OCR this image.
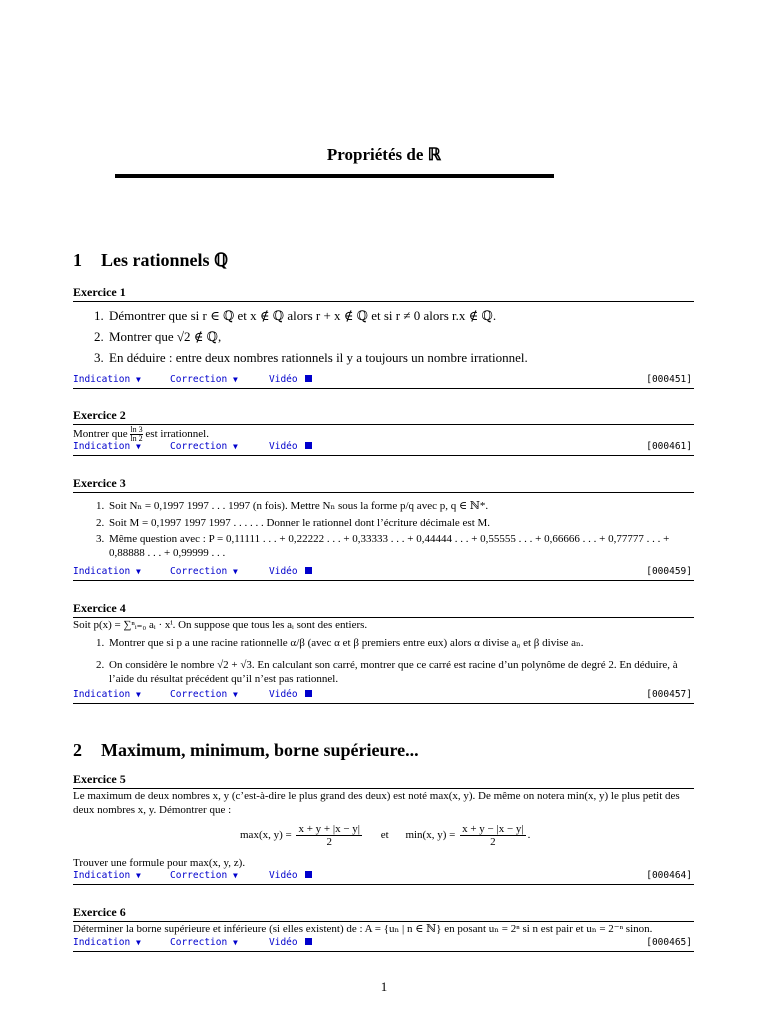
Propriétés de ℝ
1 Les rationnels ℚ
Exercice 1
1. Démontrer que si r ∈ ℚ et x ∉ ℚ alors r + x ∉ ℚ et si r ≠ 0 alors r.x ∉ ℚ.
2. Montrer que √2 ∉ ℚ,
3. En déduire : entre deux nombres rationnels il y a toujours un nombre irrationnel.
Indication ▼	Correction ▼	Vidéo	[000451]
Exercice 2
Montrer que $\frac{\ln 3}{\ln 2}$ est irrationnel.
Indication ▼	Correction ▼	Vidéo	[000461]
Exercice 3
1. Soit Nₙ = 0,1997 1997 . . . 1997 (n fois). Mettre Nₙ sous la forme p/q avec p, q ∈ ℕ*.
2. Soit M = 0,1997 1997 1997 . . . . . . Donner le rationnel dont l’écriture décimale est M.
3. Même question avec : P = 0,11111 . . . + 0,22222 . . . + 0,33333 . . . + 0,44444 . . . + 0,55555 . . . + 0,66666 . . . + 0,77777 . . . + 0,88888 . . . + 0,99999 . . .
Indication ▼	Correction ▼	Vidéo	[000459]
Exercice 4
Soit p(x) = ∑ⁿᵢ₌₀ aᵢ · xⁱ. On suppose que tous les aᵢ sont des entiers.
1. Montrer que si p a une racine rationnelle α/β (avec α et β premiers entre eux) alors α divise a₀ et β divise aₙ.
2. On considère le nombre √2 + √3. En calculant son carré, montrer que ce carré est racine d’un polynôme de degré 2. En déduire, à l’aide du résultat précédent qu’il n’est pas rationnel.
Indication ▼	Correction ▼	Vidéo	[000457]
2 Maximum, minimum, borne supérieure...
Exercice 5
Le maximum de deux nombres x, y (c’est-à-dire le plus grand des deux) est noté max(x, y). De même on notera min(x, y) le plus petit des deux nombres x, y. Démontrer que :
max(x, $y) = \frac{x + y + |x - y|}{2}$ et min(x, $y) = \frac{x + y - |x - y|}{2}$ .
Trouver une formule pour max(x, y, z).
Indication ▼	Correction ▼	Vidéo	[000464]
Exercice 6
Déterminer la borne supérieure et inférieure (si elles existent) de : A = {uₙ | n ∈ ℕ} en posant uₙ = 2ⁿ si n est pair et uₙ = 2⁻ⁿ sinon.
Indication ▼	Correction ▼	Vidéo	[000465]
1
